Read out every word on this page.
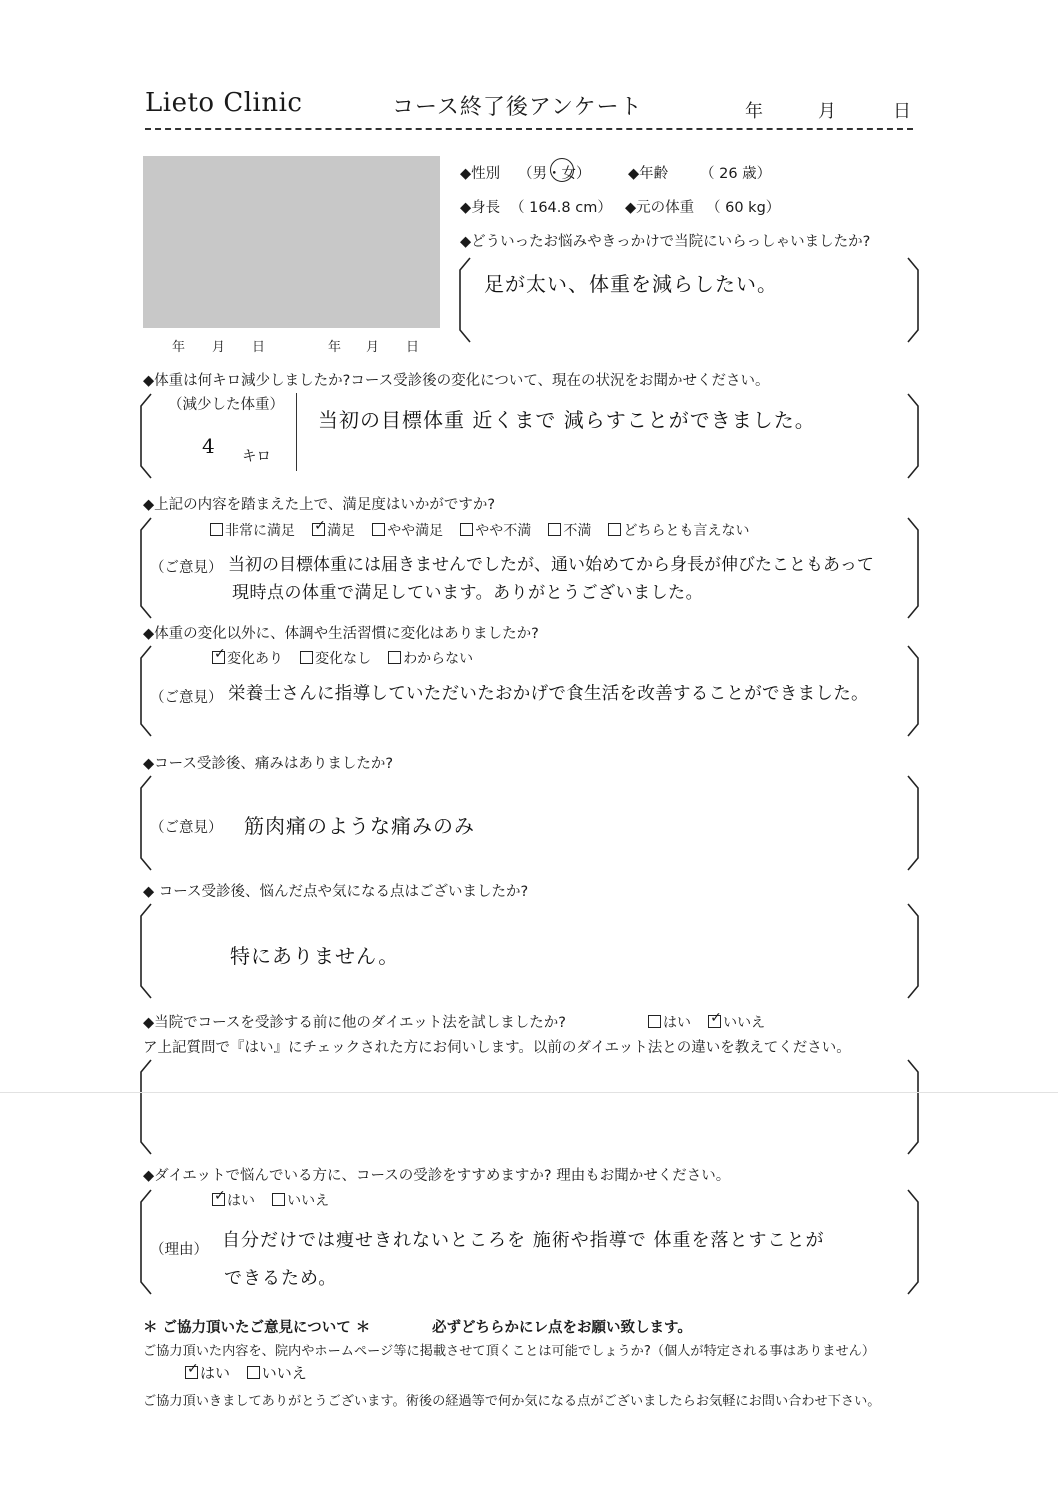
Lieto Clinic	コース終了後アンケート	年	月	日
年 月 日	年 月 日
◆性別 （男・女）	◆年齢 （ 26 歳）
◆身長 （ 164.8 cm） ◆元の体重 （ 60 kg）
◆どういったお悩みやきっかけで当院にいらっしゃいましたか?
足が太い、体重を減らしたい。
◆体重は何キロ減少しましたか?コース受診後の変化について、現在の状況をお聞かせください。
（減少した体重）
4 キロ
当初の目標体重 近くまで 減らすことができました。
◆上記の内容を踏まえた上で、満足度はいかがですか?
非常に満足 ✓ 満足 やや満足 やや不満 不満 どちらとも言えない
（ご意見） 当初の目標体重には届きませんでしたが、通い始めてから身長が伸びたこともあって
現時点の体重で満足しています。ありがとうございました。
◆体重の変化以外に、体調や生活習慣に変化はありましたか?
✓変化あり 変化なし わからない
（ご意見） 栄養士さんに指導していただいたおかげで食生活を改善することができました。
◆コース受診後、痛みはありましたか?
（ご意見） 筋肉痛のような痛みのみ
◆ コース受診後、悩んだ点や気になる点はございましたか?
特にありません。
◆当院でコースを受診する前に他のダイエット法を試しましたか?	はい ✓ いいえ
ア上記質問で『はい』にチェックされた方にお伺いします。以前のダイエット法との違いを教えてください。
◆ダイエットで悩んでいる方に、コースの受診をすすめますか? 理由もお聞かせください。
✓はい いいえ
（理由） 自分だけでは痩せきれないところを 施術や指導で 体重を落とすことが
できるため。
＊ ご協力頂いたご意見について ＊	必ずどちらかにレ点をお願い致します。
ご協力頂いた内容を、院内やホームページ等に掲載させて頂くことは可能でしょうか?（個人が特定される事はありません）
✓はい いいえ
ご協力頂いきましてありがとうございます。術後の経過等で何か気になる点がございましたらお気軽にお問い合わせ下さい。
